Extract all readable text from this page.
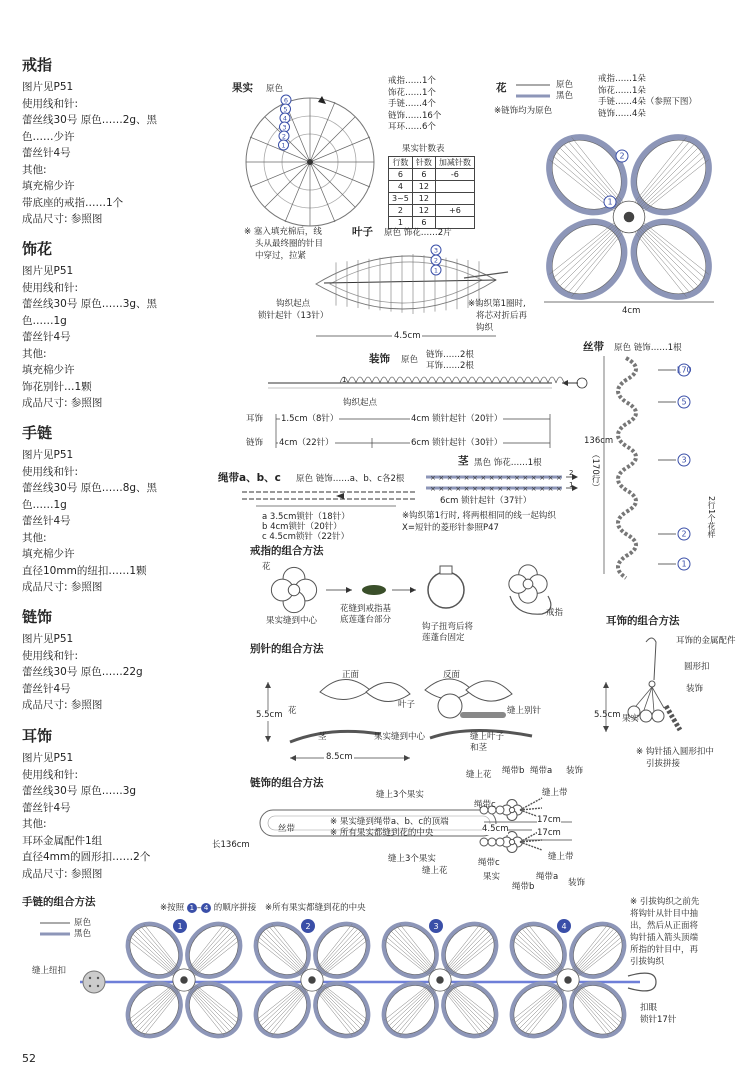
戒指
图片见P51
使用线和针:
蕾丝线30号 原色……2g、黑
色……少许
蕾丝针4号
其他:
填充棉少许
带底座的戒指……1个
成品尺寸: 参照图
饰花
图片见P51
使用线和针:
蕾丝线30号 原色……3g、黑
色……1g
蕾丝针4号
其他:
填充棉少许
饰花别针…1颗
成品尺寸: 参照图
手链
图片见P51
使用线和针:
蕾丝线30号 原色……8g、黑
色……1g
蕾丝针4号
其他:
填充棉少许
直径10mm的纽扣……1颗
成品尺寸: 参照图
链饰
图片见P51
使用线和针:
蕾丝线30号 原色……22g
蕾丝针4号
成品尺寸: 参照图
耳饰
图片见P51
使用线和针:
蕾丝线30号 原色……3g
蕾丝针4号
其他:
耳环金属配件1组
直径4mm的圆形扣……2个
成品尺寸: 参照图
果实 原色
6
5
4
3
2
1
戒指……1个
饰花……1个
手链……4个
链饰……16个
耳环……6个
果实针数表
行数	针数	加减针数
6	6	-6
4	12	
3~5	12	
2	12	+6
1	6	
※ 塞入填充棉后，线
头从最终圈的针目
中穿过，拉紧
叶子 原色 饰花……2片
3
2
1
钩织起点
锁针起针（13针）
※钩织第1圈时,
将芯对折后再
钩织
4.5cm
花	原色
黑色
※链饰均为原色
戒指……1朵
饰花……1朵
手链……4朵（参照下图）
链饰……4朵
2
1
4cm
装饰 原色 链饰……2根
耳饰……2根
1
钩织起点
耳饰 1.5cm（8针）	4cm 锁针起针（20针）
链饰 4cm（22针）	6cm 锁针起针（30针）
绳带a、b、c 原色 链饰……a、b、c各2根
a 3.5cm锁针（18针）
b 4cm锁针（20针）
c 4.5cm锁针（22针）
茎 黑色 饰花……1根
×
×
×
×
×
×
×
×
×
×
×
×
×
×
×
×
×
×
×
×
×
×
×
×
×
×
×
×
×
×
×
×
2
1
6cm 锁针起针（37针）
※钩织第1行时, 将两根相同的线一起钩织
X=短针的菱形针参照P47
丝带 原色 链饰……1根
170
5
3
2
1
136cm
（170行）
2行1个花样
戒指的组合方法
花
果实缝到中心
花缝到戒指基
底莲蓬台部分
钩子扭弯后将
莲蓬台固定
戒指
耳饰的组合方法
耳饰的金属配件
圆形扣
装饰
果实
5.5cm
※ 钩针插入圆形扣中
引拔拼接
别针的组合方法
正面	反面
花
叶子
茎	果实缝到中心	缝上叶子
和茎
缝上别针
5.5cm
8.5cm
链饰的组合方法
缝上花 绳带b 绳带a 装饰
缝上3个果实
绳带c
缝上带
4.5cm
17cm
17cm
丝带
长136cm
缝上3个果实
缝上花
绳带c
果实	绳带a
装饰
绳带b
缝上带
※ 果实缝到绳带a、b、c的顶端
※ 所有果实都缝到花的中央
手链的组合方法
原色
黑色
※按照 1 – 4 的顺序拼接 ※所有果实都缝到花的中央
1	2	3	4
缝上纽扣
※ 引拔钩织之前先
将钩针从针目中抽
出，然后从正面将
钩针插入箭头顶端
所指的针目中，再
引拔钩织
扣眼
锁针17针
52
